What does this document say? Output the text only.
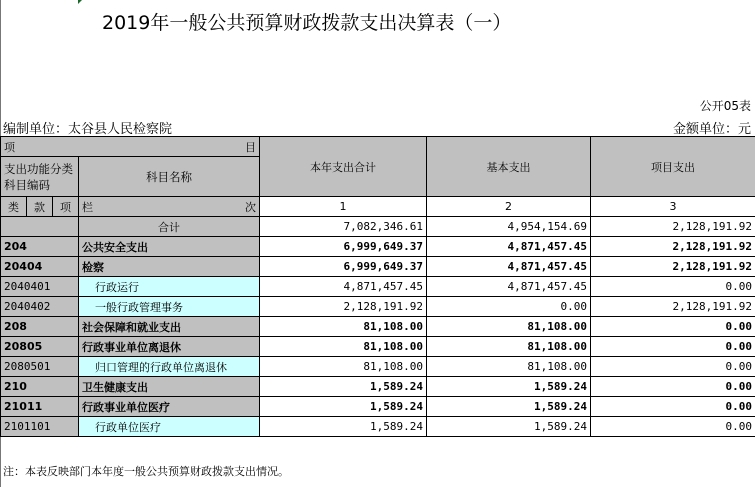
2019年一般公共预算财政拨款支出决算表（一）
公开05表
编制单位：太谷县人民检察院	金额单位：元
项 目				本年支出合计	基本支出	项目支出
支出功能分类科目编码			科目名称			

类	款	项				
			栏 次	1	2	3
			合计	7,082,346.61	4,954,154.69	2,128,191.92
204			公共安全支出	6,999,649.37	4,871,457.45	2,128,191.92
20404			检察	6,999,649.37	4,871,457.45	2,128,191.92
2040401			行政运行	4,871,457.45	4,871,457.45	0.00
2040402			一般行政管理事务	2,128,191.92	0.00	2,128,191.92
208			社会保障和就业支出	81,108.00	81,108.00	0.00
20805			行政事业单位离退休	81,108.00	81,108.00	0.00
2080501			归口管理的行政单位离退休	81,108.00	81,108.00	0.00
210			卫生健康支出	1,589.24	1,589.24	0.00
21011			行政事业单位医疗	1,589.24	1,589.24	0.00
2101101			行政单位医疗	1,589.24	1,589.24	0.00
注：本表反映部门本年度一般公共预算财政拨款支出情况。
